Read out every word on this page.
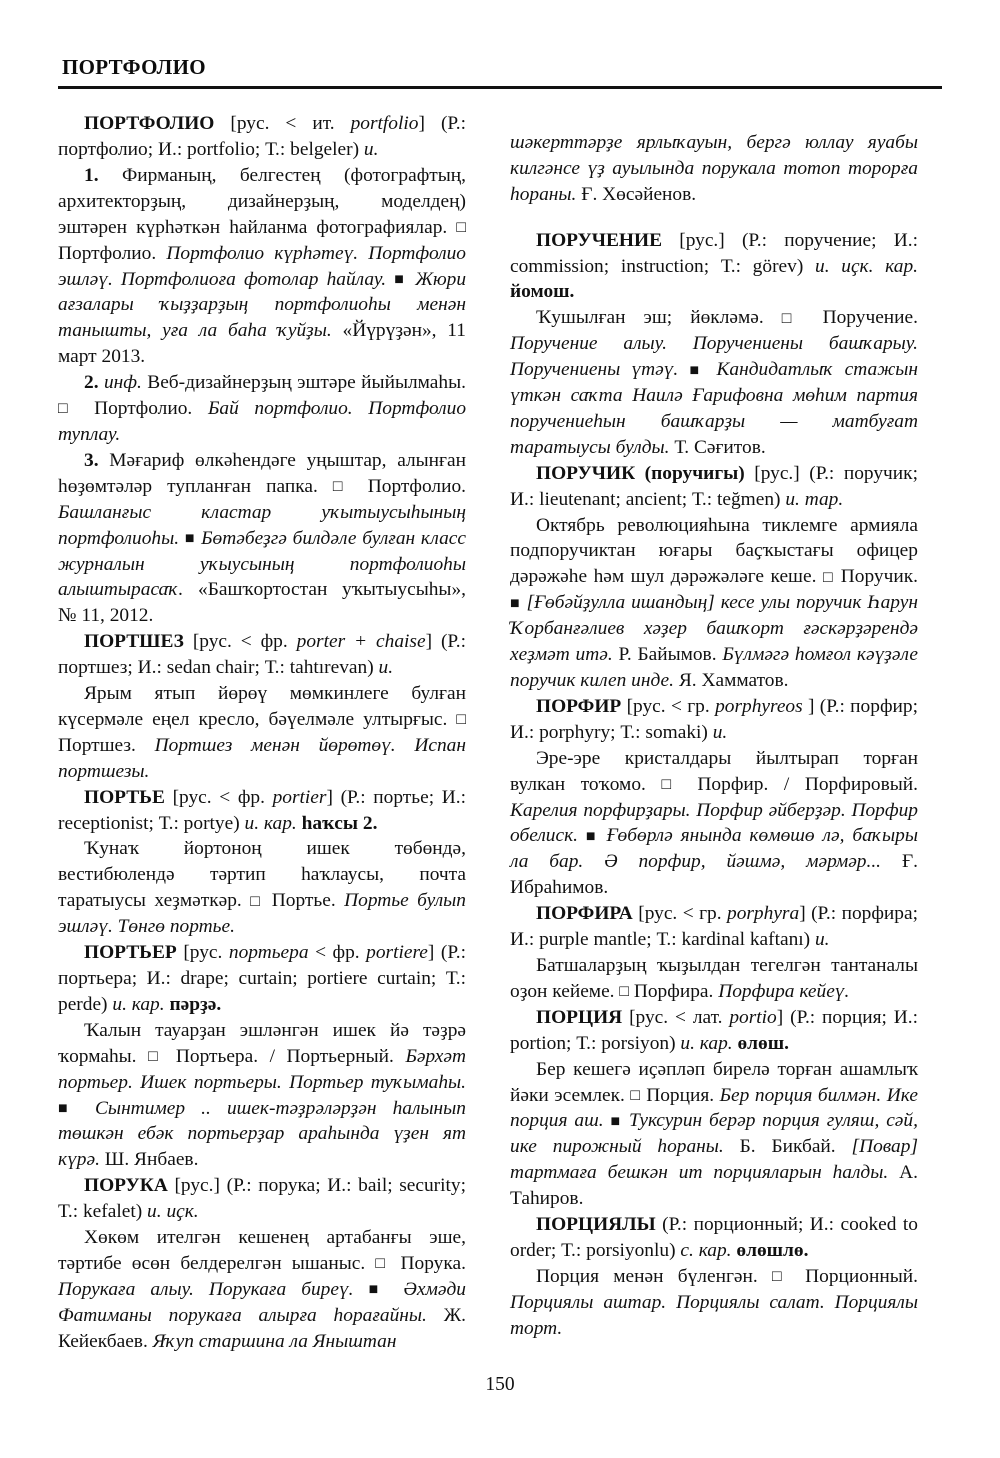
ПОРТФОЛИО

ПОРТФОЛИО [рус. < ит. portfolio] (Р.: портфолио; И.: portfolio; Т.: belgeler) и.

1. Фирманың, белгестең (фотографтың, архитекторҙың, дизайнерҙың, моделдең) эштәрен күрһәткән һайланма фотографиялар. □ Портфолио. Портфолио күрһәтеү. Портфолио эшләү. Портфолиоға фотолар һайлау. ■ Жюри ағзалары ҡыҙҙарҙың портфолиоһы менән танышты, уға ла баһа ҡуйҙы. «Йүрүҙән», 11 март 2013.

2. инф. Веб-дизайнерҙың эштәре йыйылмаһы. □ Портфолио. Бай портфолио. Портфолио туплау.

3. Мәғариф өлкәһендәге уңыштар, алынған һөҙөмтәләр тупланған папка. □	Портфолио. Башланғыс кластар уҡытыусыһының портфолиоһы. ■ Бөтәбеҙгә билдәле булған класс журналын уҡыусының портфолиоһы алыштырасаҡ. «Башҡортостан уҡытыусыһы», № 11, 2012.

ПОРТШЕЗ [рус. < фр. porter + chaise] (Р.: портшез; И.: sedan chair; Т.: tahtırevan) и.

Ярым ятып йөрөү мөмкинлеге булған күсермәле еңел кресло, бәүелмәле ултырғыс. □ Портшез. Портшез менән йөрөтөү. Испан портшезы.

ПОРТЬЕ [рус. < фр. portier] (Р.: портье; И.: receptionist; Т.: portye) и. кар. һаҡсы 2.

Ҡунаҡ йортоноң ишек төбөндә, вестибюлендә тәртип һаҡлаусы, почта таратыусы хеҙмәткәр. □ Портье. Портье булып эшләү. Төнгө портье.

ПОРТЬЕР [рус. портьера < фр. portiere] (Р.: портьера; И.: drape; curtain; portiere curtain; Т.: perde) и. кар. пәрҙә.

Ҡалын тауарҙан эшләнгән ишек йә тәҙрә ҡормаһы. □ Портьера. / Портьерный. Бәрхәт портьер. Ишек портьеры. Портьер туҡымаһы. ■ Сынтимер .. ишек-тәҙрәләрҙән һалынып төшкән ебәк портьерҙар араһында үҙен ят күрә. Ш. Янбаев.

ПОРУКА [рус.] (Р.: порука; И.: bail; security; Т.: kefalet) и. иҫк.

Хөкөм ителгән кешенең артабанғы эше, тәртибе өсөн белдерелгән ышаныс. □ Порука. Порукаға алыу. Порукаға биреү. ■	Әхмәди Фатиманы порукаға алырға һорағайны. Ж. Кейекбаев. Яҡуп старшина ла Яныштан

шәкерттәрҙе ярлыҡауын, бергә юллау яуабы килгәнсе үҙ ауылында порукала тотоп торорға һораны. Ғ. Хөсәйенов.

ПОРУЧЕНИЕ [рус.] (Р.: поручение; И.: commission; instruction; Т.: görev) и. иҫк. кар. йомош.

Ҡушылған эш; йөкләмә. □	Поручение. Поручение алыу. Поручениены башҡарыу. Поручениены үтәү. ■ Кандидатлыҡ стажын үткән саҡта Наилә Ғарифовна мөһим партия поручениеһын башҡарҙы — матбуғат таратыусы булды. Т. Сәғитов.

ПОРУЧИК (поручигы) [рус.] (Р.: поручик; И.: lieutenant; ancient; Т.: teğmen) и. тар.

Октябрь революцияһына тиклемге армияла подпоручиктан юғары баҫҡыстағы офицер дәрәжәһе һәм шул дәрәжәләге кеше. □ Поручик. ■ [Ғөбәйҙулла ишандың] кесе улы поручик Һарун Ҡорбанғәлиев хәҙер башҡорт ғәскәрҙәрендә хеҙмәт итә. Р. Байымов. Бүлмәгә һомғол кәүҙәле поручик килеп инде. Я. Хамматов.

ПОРФИР [рус. < гр. porphyreos ] (Р.: порфир; И.: porphyry; Т.: somaki) и.

Эре-эре кристалдары йылтырап торған вулкан тоҡомо. □	Порфир. / Порфировый. Карелия порфирҙары. Порфир әйберҙәр. Порфир обелиск. ■ Ғөбөрлә янында көмөшө лә, баҡыры ла бар. Ә порфир, йәшмә, мәрмәр... Ғ. Ибраһимов.

ПОРФИРА [рус. < гр. porphyra] (Р.: порфира; И.: purple mantle; Т.: kardinal kaftanı) и.

Батшаларҙың ҡыҙылдан тегелгән тантаналы оҙон кейеме. □ Порфира. Порфира кейеү.

ПОРЦИЯ [рус. < лат. portio] (Р.: порция; И.: portion; Т.: porsiyon) и. кар. өлөш.

Бер кешегә иҫәпләп бирелә торған ашамлыҡ йәки эсемлек. □ Порция. Бер порция билмән. Ике порция аш. ■ Туксурин берәр порция гуляш, сәй, ике пирожный һораны. Б. Бикбай. [Повар] тартмаға бешкән ит порцияларын һалды. А. Таһиров.

ПОРЦИЯЛЫ (Р.: порционный; И.: cooked to order; Т.: porsiyonlu) с. кар. өлөшлө.

Порция менән бүленгән. □ Порционный. Порциялы аштар. Порциялы салат. Порциялы торт.

150
